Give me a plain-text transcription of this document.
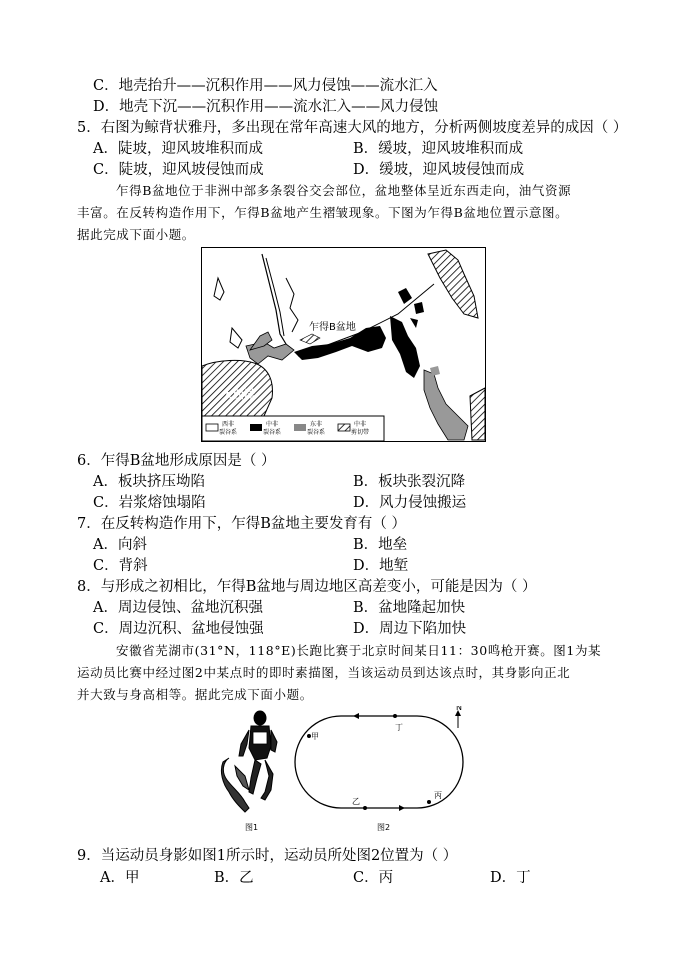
C．地壳抬升——沉积作用——风力侵蚀——流水汇入
D．地壳下沉——沉积作用——流水汇入——风力侵蚀
5．右图为鲸背状雅丹，多出现在常年高速大风的地方，分析两侧坡度差异的成因（ ）
A．陡坡，迎风坡堆积而成	B．缓坡，迎风坡堆积而成
C．陡坡，迎风坡侵蚀而成	D．缓坡，迎风坡侵蚀而成
乍得B盆地位于非洲中部多条裂谷交会部位，盆地整体呈近东西走向，油气资源
丰富。在反转构造作用下，乍得B盆地产生褶皱现象。下图为乍得B盆地位置示意图。
据此完成下面小题。
乍得B盆地
大西洋
西非
裂谷系
中非
裂谷系
东非
裂谷系
中非
剪切带
6．乍得B盆地形成原因是（ ）
A．板块挤压坳陷	B．板块张裂沉降
C．岩浆熔蚀塌陷	D．风力侵蚀搬运
7．在反转构造作用下，乍得B盆地主要发育有（ ）
A．向斜	B．地垒
C．背斜	D．地堑
8．与形成之初相比，乍得B盆地与周边地区高差变小，可能是因为（ ）
A．周边侵蚀、盆地沉积强	B．盆地隆起加快
C．周边沉积、盆地侵蚀强	D．周边下陷加快
安徽省芜湖市(31°N，118°E)长跑比赛于北京时间某日11：30鸣枪开赛。图1为某
运动员比赛中经过图2中某点时的即时素描图，当该运动员到达该点时，其身影向正北
并大致与身高相等。据此完成下面小题。
图1
甲
丁
乙
丙
N
图2
9．当运动员身影如图1所示时，运动员所处图2位置为（ ）
A．甲	B．乙	C．丙	D．丁
